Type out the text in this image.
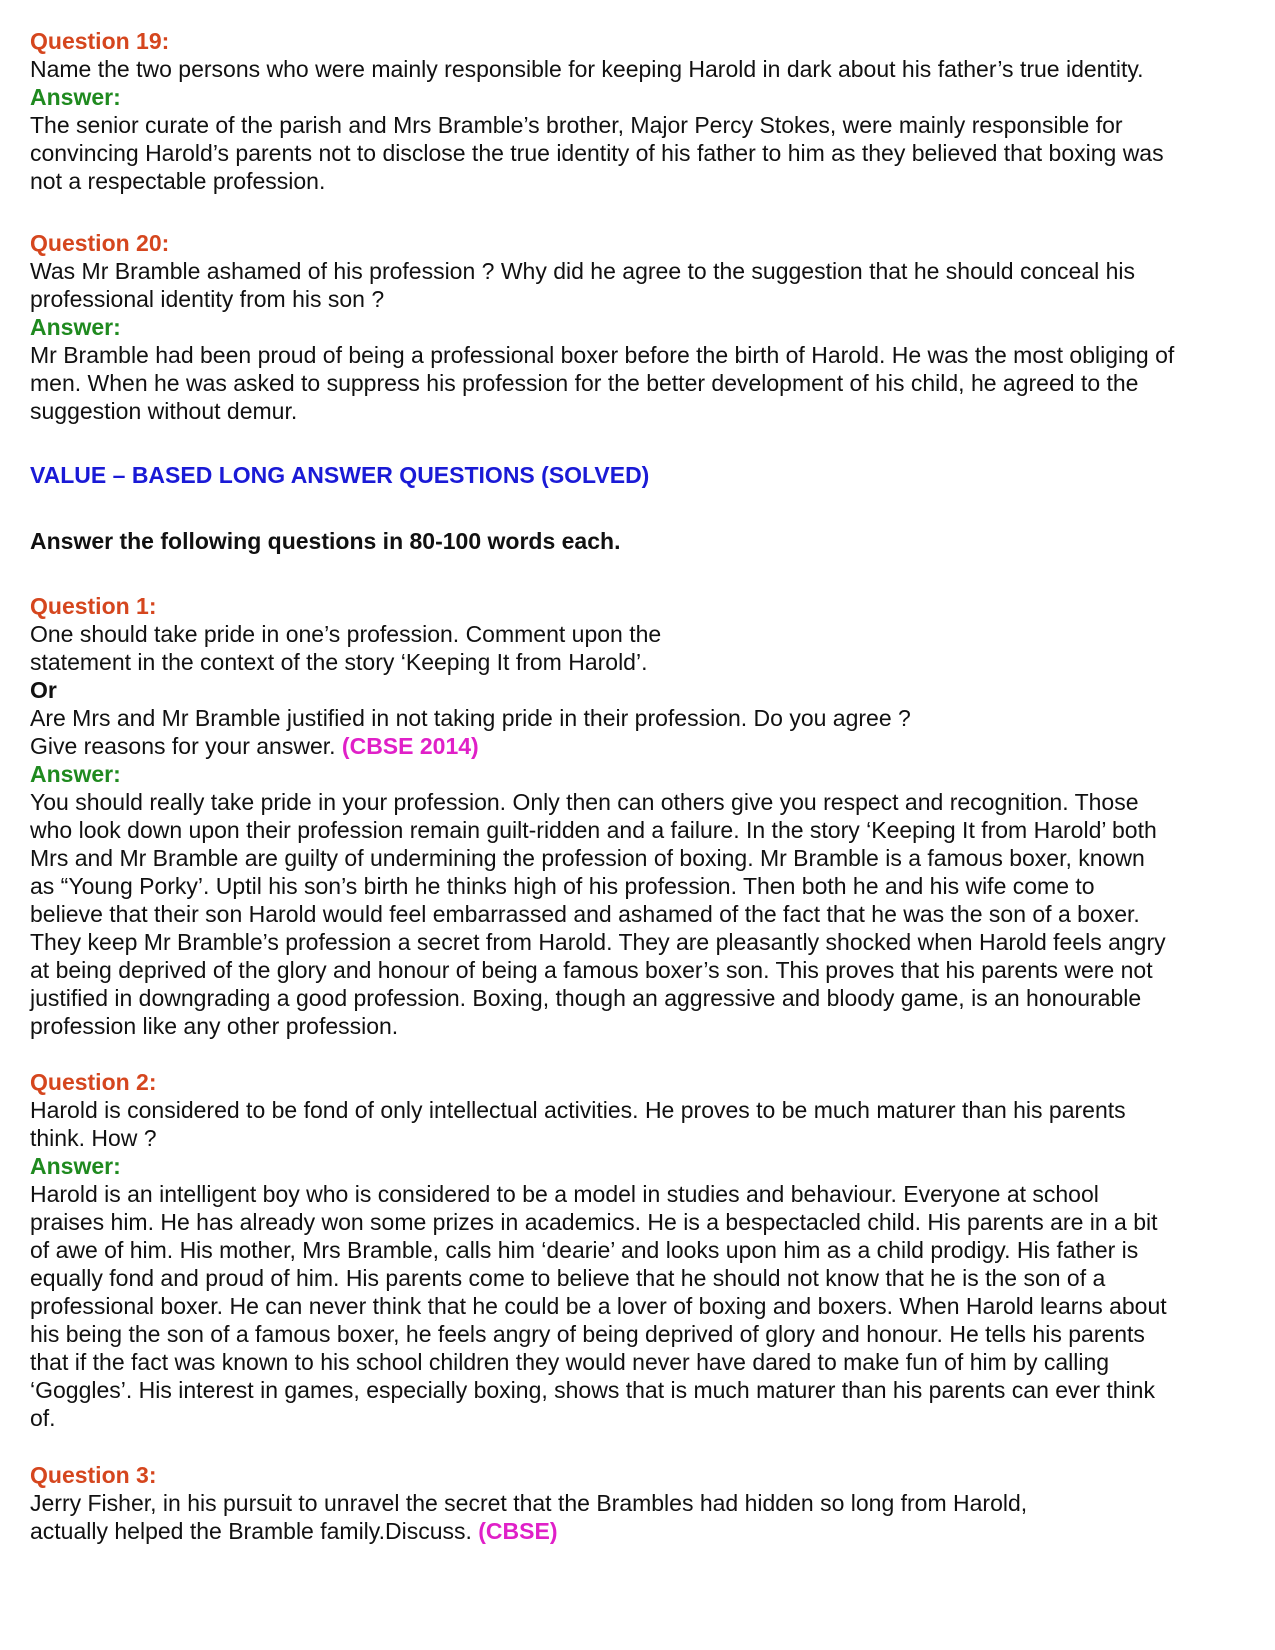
Question 19:
Name the two persons who were mainly responsible for keeping Harold in dark about his father’s true identity.
Answer:
The senior curate of the parish and Mrs Bramble’s brother, Major Percy Stokes, were mainly responsible for
convincing Harold’s parents not to disclose the true identity of his father to him as they believed that boxing was
not a respectable profession.
Question 20:
Was Mr Bramble ashamed of his profession ? Why did he agree to the suggestion that he should conceal his
professional identity from his son ?
Answer:
Mr Bramble had been proud of being a professional boxer before the birth of Harold. He was the most obliging of
men. When he was asked to suppress his profession for the better development of his child, he agreed to the
suggestion without demur.
VALUE – BASED LONG ANSWER QUESTIONS (SOLVED)
Answer the following questions in 80-100 words each.
Question 1:
One should take pride in one’s profession. Comment upon the
statement in the context of the story ‘Keeping It from Harold’.
Or
Are Mrs and Mr Bramble justified in not taking pride in their profession. Do you agree ?
Give reasons for your answer. (CBSE 2014)
Answer:
You should really take pride in your profession. Only then can others give you respect and recognition. Those
who look down upon their profession remain guilt-ridden and a failure. In the story ‘Keeping It from Harold’ both
Mrs and Mr Bramble are guilty of undermining the profession of boxing. Mr Bramble is a famous boxer, known
as “Young Porky’. Uptil his son’s birth he thinks high of his profession. Then both he and his wife come to
believe that their son Harold would feel embarrassed and ashamed of the fact that he was the son of a boxer.
They keep Mr Bramble’s profession a secret from Harold. They are pleasantly shocked when Harold feels angry
at being deprived of the glory and honour of being a famous boxer’s son. This proves that his parents were not
justified in downgrading a good profession. Boxing, though an aggressive and bloody game, is an honourable
profession like any other profession.
Question 2:
Harold is considered to be fond of only intellectual activities. He proves to be much maturer than his parents
think. How ?
Answer:
Harold is an intelligent boy who is considered to be a model in studies and behaviour. Everyone at school
praises him. He has already won some prizes in academics. He is a bespectacled child. His parents are in a bit
of awe of him. His mother, Mrs Bramble, calls him ‘dearie’ and looks upon him as a child prodigy. His father is
equally fond and proud of him. His parents come to believe that he should not know that he is the son of a
professional boxer. He can never think that he could be a lover of boxing and boxers. When Harold learns about
his being the son of a famous boxer, he feels angry of being deprived of glory and honour. He tells his parents
that if the fact was known to his school children they would never have dared to make fun of him by calling
‘Goggles’. His interest in games, especially boxing, shows that is much maturer than his parents can ever think
of.
Question 3:
Jerry Fisher, in his pursuit to unravel the secret that the Brambles had hidden so long from Harold,
actually helped the Bramble family.Discuss. (CBSE)
